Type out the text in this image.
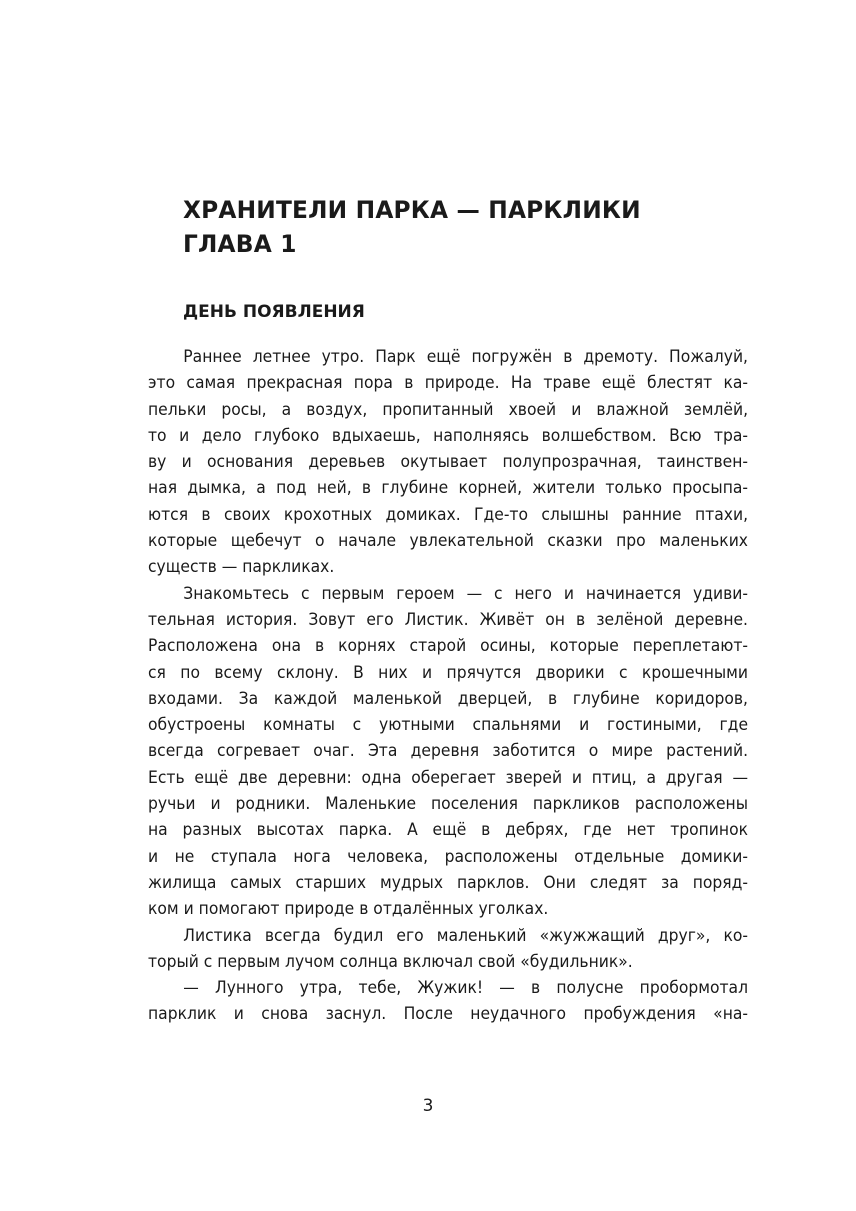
ХРАНИТЕЛИ ПАРКА — ПАРКЛИКИ
ГЛАВА 1
ДЕНЬ ПОЯВЛЕНИЯ
Раннее летнее утро. Парк ещё погружён в дремоту. Пожалуй,
это самая прекрасная пора в природе. На траве ещё блестят ка-
пельки росы, а воздух, пропитанный хвоей и влажной землёй,
то и дело глубоко вдыхаешь, наполняясь волшебством. Всю тра-
ву и основания деревьев окутывает полупрозрачная, таинствен-
ная дымка, а под ней, в глубине корней, жители только просыпа-
ются в своих крохотных домиках. Где-то слышны ранние птахи,
которые щебечут о начале увлекательной сказки про маленьких
существ — паркликах.
Знакомьтесь с первым героем — с него и начинается удиви-
тельная история. Зовут его Листик. Живёт он в зелёной деревне.
Расположена она в корнях старой осины, которые переплетают-
ся по всему склону. В них и прячутся дворики с крошечными
входами. За каждой маленькой дверцей, в глубине коридоров,
обустроены комнаты с уютными спальнями и гостиными, где
всегда согревает очаг. Эта деревня заботится о мире растений.
Есть ещё две деревни: одна оберегает зверей и птиц, а другая —
ручьи и родники. Маленькие поселения паркликов расположены
на разных высотах парка. А ещё в дебрях, где нет тропинок
и не ступала нога человека, расположены отдельные домики-
жилища самых старших мудрых парклов. Они следят за поряд-
ком и помогают природе в отдалённых уголках.
Листика всегда будил его маленький «жужжащий друг», ко-
торый с первым лучом солнца включал свой «будильник».
— Лунного утра, тебе, Жужик! — в полусне пробормотал
парклик и снова заснул. После неудачного пробуждения «на-
3
